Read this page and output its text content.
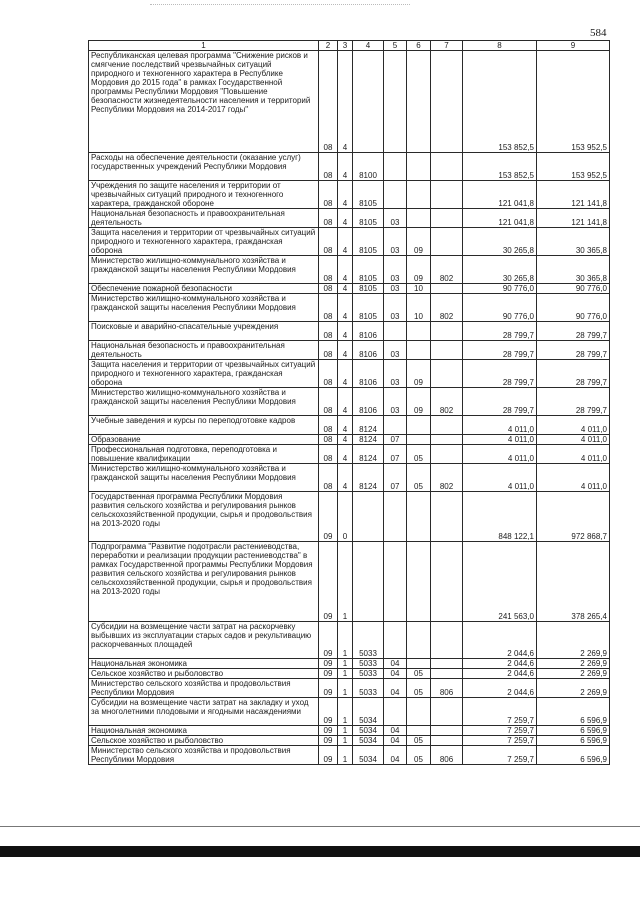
584
1	2	3	4	5	6	7	8	9
Республиканская целевая программа "Снижение рисков и смягчение последствий чрезвычайных ситуаций природного и техногенного характера в Республике Мордовия до 2015 года" в рамках Государственной программы Республики Мордовия "Повышение безопасности жизнедеятельности населения и территорий Республики Мордовия на 2014-2017 годы"	08	4					153 852,5	153 952,5
Расходы на обеспечение деятельности (оказание услуг) государственных учреждений Республики Мордовия	08	4	8100				153 852,5	153 952,5
Учреждения по защите населения и территории от чрезвычайных ситуаций природного и техногенного характера, гражданской обороне	08	4	8105				121 041,8	121 141,8
Национальная безопасность и правоохранительная деятельность	08	4	8105	03			121 041,8	121 141,8
Защита населения и территории от чрезвычайных ситуаций природного и техногенного характера, гражданская оборона	08	4	8105	03	09		30 265,8	30 365,8
Министерство жилищно-коммунального хозяйства и гражданской защиты населения Республики Мордовия	08	4	8105	03	09	802	30 265,8	30 365,8
Обеспечение пожарной безопасности	08	4	8105	03	10		90 776,0	90 776,0
Министерство жилищно-коммунального хозяйства и гражданской защиты населения Республики Мордовия	08	4	8105	03	10	802	90 776,0	90 776,0
Поисковые и аварийно-спасательные учреждения	08	4	8106				28 799,7	28 799,7
Национальная безопасность и правоохранительная деятельность	08	4	8106	03			28 799,7	28 799,7
Защита населения и территории от чрезвычайных ситуаций природного и техногенного характера, гражданская оборона	08	4	8106	03	09		28 799,7	28 799,7
Министерство жилищно-коммунального хозяйства и гражданской защиты населения Республики Мордовия	08	4	8106	03	09	802	28 799,7	28 799,7
Учебные заведения и курсы по переподготовке кадров	08	4	8124				4 011,0	4 011,0
Образование	08	4	8124	07			4 011,0	4 011,0
Профессиональная подготовка, переподготовка и повышение квалификации	08	4	8124	07	05		4 011,0	4 011,0
Министерство жилищно-коммунального хозяйства и гражданской защиты населения Республики Мордовия	08	4	8124	07	05	802	4 011,0	4 011,0
Государственная программа Республики Мордовия развития сельского хозяйства и регулирования рынков сельскохозяйственной продукции, сырья и продовольствия на 2013-2020 годы	09	0					848 122,1	972 868,7
Подпрограмма "Развитие подотрасли растениеводства, переработки и реализации продукции растениеводства" в рамках Государственной программы Республики Мордовия развития сельского хозяйства и регулирования рынков сельскохозяйственной продукции, сырья и продовольствия на 2013-2020 годы	09	1					241 563,0	378 265,4
Субсидии на возмещение части затрат на раскорчевку выбывших из эксплуатации старых садов и рекультивацию раскорчеванных площадей	09	1	5033				2 044,6	2 269,9
Национальная экономика	09	1	5033	04			2 044,6	2 269,9
Сельское хозяйство и рыболовство	09	1	5033	04	05		2 044,6	2 269,9
Министерство сельского хозяйства и продовольствия Республики Мордовия	09	1	5033	04	05	806	2 044,6	2 269,9
Субсидии на возмещение части затрат на закладку и уход за многолетними плодовыми и ягодными насаждениями	09	1	5034				7 259,7	6 596,9
Национальная экономика	09	1	5034	04			7 259,7	6 596,9
Сельское хозяйство и рыболовство	09	1	5034	04	05		7 259,7	6 596,9
Министерство сельского хозяйства и продовольствия Республики Мордовия	09	1	5034	04	05	806	7 259,7	6 596,9
